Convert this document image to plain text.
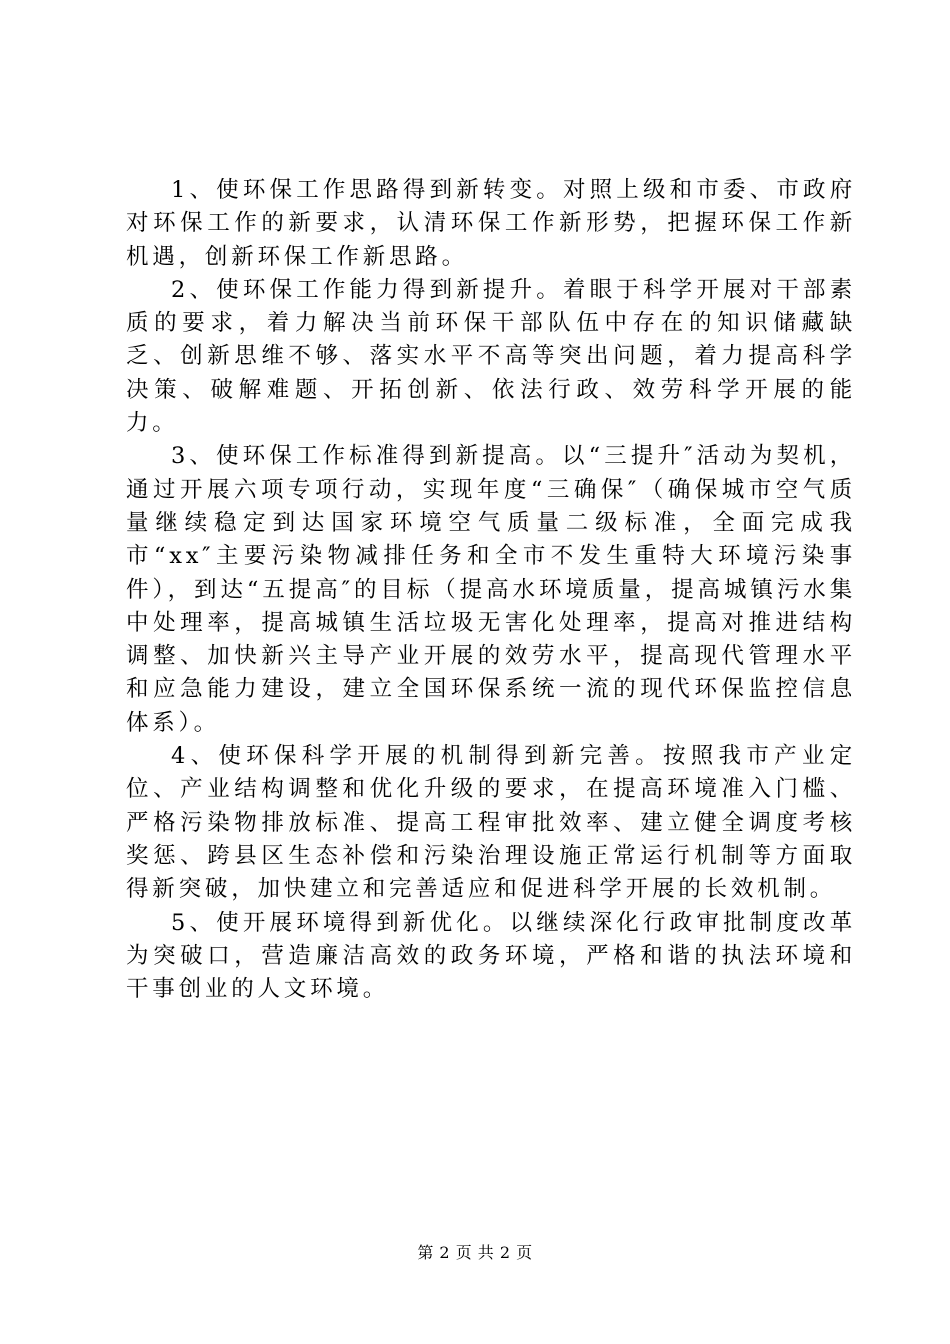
1、使环保工作思路得到新转变。对照上级和市委、市政府对环保工作的新要求，认清环保工作新形势，把握环保工作新机遇，创新环保工作新思路。

2、使环保工作能力得到新提升。着眼于科学开展对干部素质的要求，着力解决当前环保干部队伍中存在的知识储藏缺乏、创新思维不够、落实水平不高等突出问题，着力提高科学决策、破解难题、开拓创新、依法行政、效劳科学开展的能力。

3、使环保工作标准得到新提高。以“三提升″活动为契机，通过开展六项专项行动，实现年度“三确保″（确保城市空气质量继续稳定到达国家环境空气质量二级标准，全面完成我市“xx″主要污染物减排任务和全市不发生重特大环境污染事件），到达“五提高″的目标（提高水环境质量，提高城镇污水集中处理率，提高城镇生活垃圾无害化处理率，提高对推进结构调整、加快新兴主导产业开展的效劳水平，提高现代管理水平和应急能力建设，建立全国环保系统一流的现代环保监控信息体系）。

4、使环保科学开展的机制得到新完善。按照我市产业定位、产业结构调整和优化升级的要求，在提高环境准入门槛、严格污染物排放标准、提高工程审批效率、建立健全调度考核奖惩、跨县区生态补偿和污染治理设施正常运行机制等方面取得新突破，加快建立和完善适应和促进科学开展的长效机制。

5、使开展环境得到新优化。以继续深化行政审批制度改革为突破口，营造廉洁高效的政务环境，严格和谐的执法环境和干事创业的人文环境。

第 2 页 共 2 页
